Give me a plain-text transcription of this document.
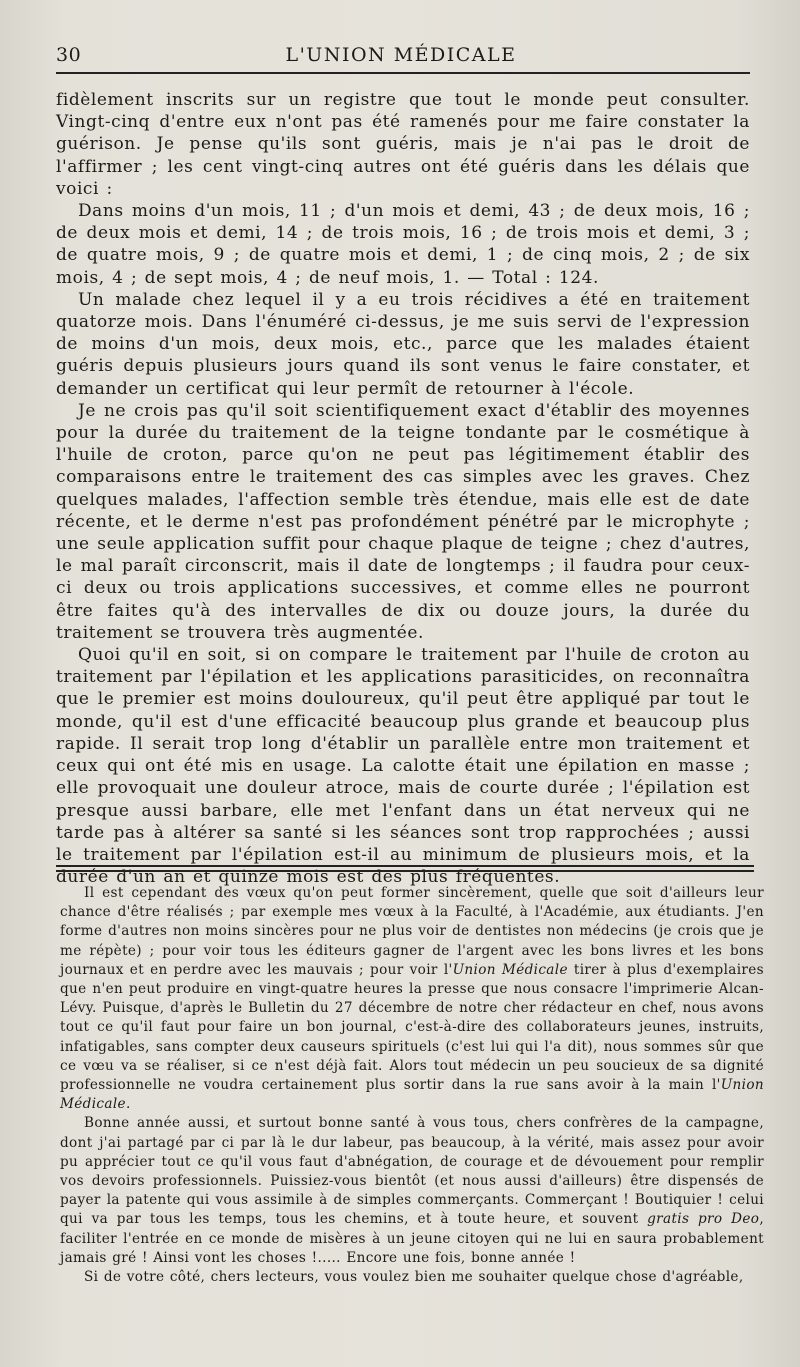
30	L'UNION MÉDICALE

fidèlement inscrits sur un registre que tout le monde peut consulter. Vingt-cinq d'entre eux n'ont pas été ramenés pour me faire constater la guérison. Je pense qu'ils sont guéris, mais je n'ai pas le droit de l'affirmer ; les cent vingt-cinq autres ont été guéris dans les délais que voici :

Dans moins d'un mois, 11 ; d'un mois et demi, 43 ; de deux mois, 16 ; de deux mois et demi, 14 ; de trois mois, 16 ; de trois mois et demi, 3 ; de quatre mois, 9 ; de quatre mois et demi, 1 ; de cinq mois, 2 ; de six mois, 4 ; de sept mois, 4 ; de neuf mois, 1. — Total : 124.

Un malade chez lequel il y a eu trois récidives a été en traitement quatorze mois. Dans l'énuméré ci-dessus, je me suis servi de l'expression de moins d'un mois, deux mois, etc., parce que les malades étaient guéris depuis plusieurs jours quand ils sont venus le faire constater, et demander un certificat qui leur permît de retourner à l'école.

Je ne crois pas qu'il soit scientifiquement exact d'établir des moyennes pour la durée du traitement de la teigne tondante par le cosmétique à l'huile de croton, parce qu'on ne peut pas légitimement établir des comparaisons entre le traitement des cas simples avec les graves. Chez quelques malades, l'affection semble très étendue, mais elle est de date récente, et le derme n'est pas profondément pénétré par le microphyte ; une seule application suffit pour chaque plaque de teigne ; chez d'autres, le mal paraît circonscrit, mais il date de longtemps ; il faudra pour ceux-ci deux ou trois applications successives, et comme elles ne pourront être faites qu'à des intervalles de dix ou douze jours, la durée du traitement se trouvera très augmentée.

Quoi qu'il en soit, si on compare le traitement par l'huile de croton au traitement par l'épilation et les applications parasiticides, on reconnaîtra que le premier est moins douloureux, qu'il peut être appliqué par tout le monde, qu'il est d'une efficacité beaucoup plus grande et beaucoup plus rapide. Il serait trop long d'établir un parallèle entre mon traitement et ceux qui ont été mis en usage. La calotte était une épilation en masse ; elle provoquait une douleur atroce, mais de courte durée ; l'épilation est presque aussi barbare, elle met l'enfant dans un état nerveux qui ne tarde pas à altérer sa santé si les séances sont trop rapprochées ; aussi le traitement par l'épilation est-il au minimum de plusieurs mois, et la durée d'un an et quinze mois est des plus fréquentes.

Il est cependant des vœux qu'on peut former sincèrement, quelle que soit d'ailleurs leur chance d'être réalisés ; par exemple mes vœux à la Faculté, à l'Académie, aux étudiants. J'en forme d'autres non moins sincères pour ne plus voir de dentistes non médecins (je crois que je me répète) ; pour voir tous les éditeurs gagner de l'argent avec les bons livres et les bons journaux et en perdre avec les mauvais ; pour voir l'Union Médicale tirer à plus d'exemplaires que n'en peut produire en vingt-quatre heures la presse que nous consacre l'imprimerie Alcan-Lévy. Puisque, d'après le Bulletin du 27 décembre de notre cher rédacteur en chef, nous avons tout ce qu'il faut pour faire un bon journal, c'est-à-dire des collaborateurs jeunes, instruits, infatigables, sans compter deux causeurs spirituels (c'est lui qui l'a dit), nous sommes sûr que ce vœu va se réaliser, si ce n'est déjà fait. Alors tout médecin un peu soucieux de sa dignité professionnelle ne voudra certainement plus sortir dans la rue sans avoir à la main l'Union Médicale.

Bonne année aussi, et surtout bonne santé à vous tous, chers confrères de la campagne, dont j'ai partagé par ci par là le dur labeur, pas beaucoup, à la vérité, mais assez pour avoir pu apprécier tout ce qu'il vous faut d'abnégation, de courage et de dévouement pour remplir vos devoirs professionnels. Puissiez-vous bientôt (et nous aussi d'ailleurs) être dispensés de payer la patente qui vous assimile à de simples commerçants. Commerçant ! Boutiquier ! celui qui va par tous les temps, tous les chemins, et à toute heure, et souvent gratis pro Deo, faciliter l'entrée en ce monde de misères à un jeune citoyen qui ne lui en saura probablement jamais gré ! Ainsi vont les choses !..... Encore une fois, bonne année !

Si de votre côté, chers lecteurs, vous voulez bien me souhaiter quelque chose d'agréable,
